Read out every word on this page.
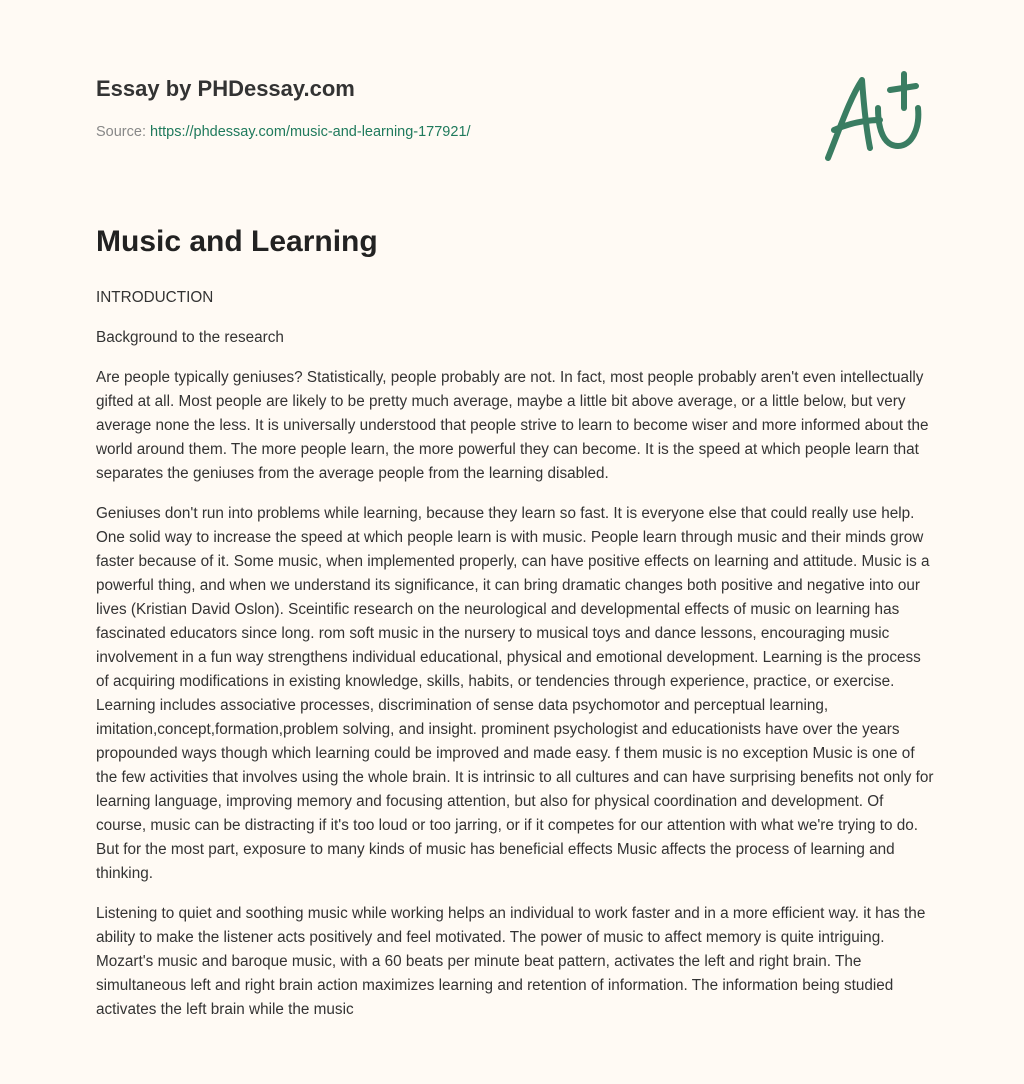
Essay by PHDessay.com

Source: https://phdessay.com/music-and-learning-177921/
Music and Learning

INTRODUCTION

Background to the research

Are people typically geniuses? Statistically, people probably are not. In fact, most people probably aren't even intellectually gifted at all. Most people are likely to be pretty much average, maybe a little bit above average, or a little below, but very average none the less. It is universally understood that people strive to learn to become wiser and more informed about the world around them. The more people learn, the more powerful they can become. It is the speed at which people learn that separates the geniuses from the average people from the learning disabled.

Geniuses don't run into problems while learning, because they learn so fast. It is everyone else that could really use help. One solid way to increase the speed at which people learn is with music. People learn through music and their minds grow faster because of it. Some music, when implemented properly, can have positive effects on learning and attitude. Music is a powerful thing, and when we understand its significance, it can bring dramatic changes both positive and negative into our lives (Kristian David Oslon). Sceintific research on the neurological and developmental effects of music on learning has fascinated educators since long. rom soft music in the nursery to musical toys and dance lessons, encouraging music involvement in a fun way strengthens individual educational, physical and emotional development. Learning is the process of acquiring modifications in existing knowledge, skills, habits, or tendencies through experience, practice, or exercise. Learning includes associative processes, discrimination of sense data psychomotor and perceptual learning, imitation,concept,formation,problem solving, and insight. prominent psychologist and educationists have over the years propounded ways though which learning could be improved and made easy. f them music is no exception Music is one of the few activities that involves using the whole brain. It is intrinsic to all cultures and can have surprising benefits not only for learning language, improving memory and focusing attention, but also for physical coordination and development. Of course, music can be distracting if it's too loud or too jarring, or if it competes for our attention with what we're trying to do. But for the most part, exposure to many kinds of music has beneficial effects Music affects the process of learning and thinking.

Listening to quiet and soothing music while working helps an individual to work faster and in a more efficient way. it has the ability to make the listener acts positively and feel motivated. The power of music to affect memory is quite intriguing. Mozart's music and baroque music, with a 60 beats per minute beat pattern, activates the left and right brain. The simultaneous left and right brain action maximizes learning and retention of information. The information being studied activates the left brain while the music
